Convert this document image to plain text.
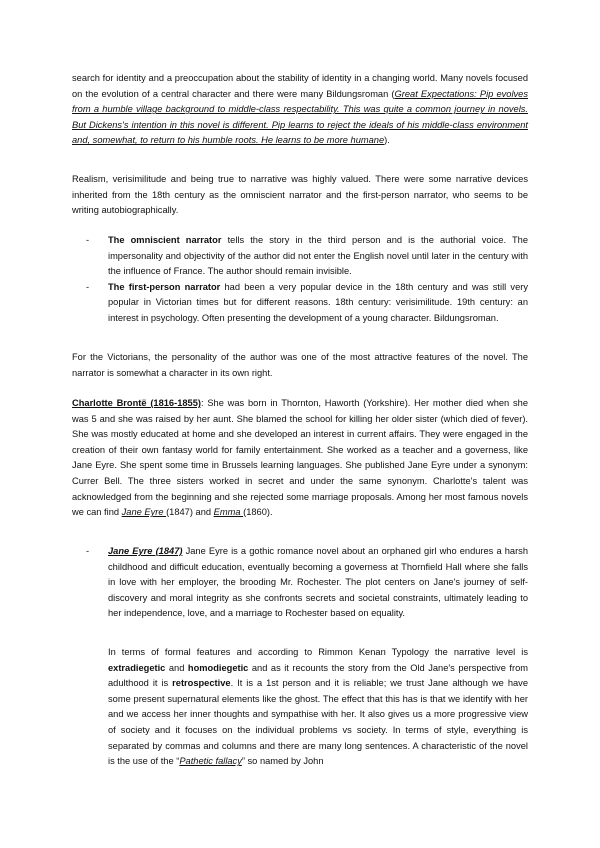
search for identity and a preoccupation about the stability of identity in a changing world. Many novels focused on the evolution of a central character and there were many Bildungsroman (Great Expectations: Pip evolves from a humble village background to middle-class respectability. This was quite a common journey in novels. But Dickens's intention in this novel is different. Pip learns to reject the ideals of his middle-class environment and, somewhat, to return to his humble roots. He learns to be more humane).

Realism, verisimilitude and being true to narrative was highly valued. There were some narrative devices inherited from the 18th century as the omniscient narrator and the first-person narrator, who seems to be writing autobiographically.

- The omniscient narrator tells the story in the third person and is the authorial voice. The impersonality and objectivity of the author did not enter the English novel until later in the century with the influence of France. The author should remain invisible.
- The first-person narrator had been a very popular device in the 18th century and was still very popular in Victorian times but for different reasons. 18th century: verisimilitude. 19th century: an interest in psychology. Often presenting the development of a young character. Bildungsroman.

For the Victorians, the personality of the author was one of the most attractive features of the novel. The narrator is somewhat a character in its own right.

Charlotte Brontë (1816-1855): She was born in Thornton, Haworth (Yorkshire). Her mother died when she was 5 and she was raised by her aunt. She blamed the school for killing her older sister (which died of fever). She was mostly educated at home and she developed an interest in current affairs. They were engaged in the creation of their own fantasy world for family entertainment. She worked as a teacher and a governess, like Jane Eyre. She spent some time in Brussels learning languages. She published Jane Eyre under a synonym: Currer Bell. The three sisters worked in secret and under the same synonym. Charlotte's talent was acknowledged from the beginning and she rejected some marriage proposals. Among her most famous novels we can find Jane Eyre (1847) and Emma (1860).

- Jane Eyre (1847) Jane Eyre is a gothic romance novel about an orphaned girl who endures a harsh childhood and difficult education, eventually becoming a governess at Thornfield Hall where she falls in love with her employer, the brooding Mr. Rochester. The plot centers on Jane's journey of self-discovery and moral integrity as she confronts secrets and societal constraints, ultimately leading to her independence, love, and a marriage to Rochester based on equality.

In terms of formal features and according to Rimmon Kenan Typology the narrative level is extradiegetic and homodiegetic and as it recounts the story from the Old Jane's perspective from adulthood it is retrospective. It is a 1st person and it is reliable; we trust Jane although we have some present supernatural elements like the ghost. The effect that this has is that we identify with her and we access her inner thoughts and sympathise with her. It also gives us a more progressive view of society and it focuses on the individual problems vs society. In terms of style, everything is separated by commas and columns and there are many long sentences. A characteristic of the novel is the use of the “Pathetic fallacy” so named by John
